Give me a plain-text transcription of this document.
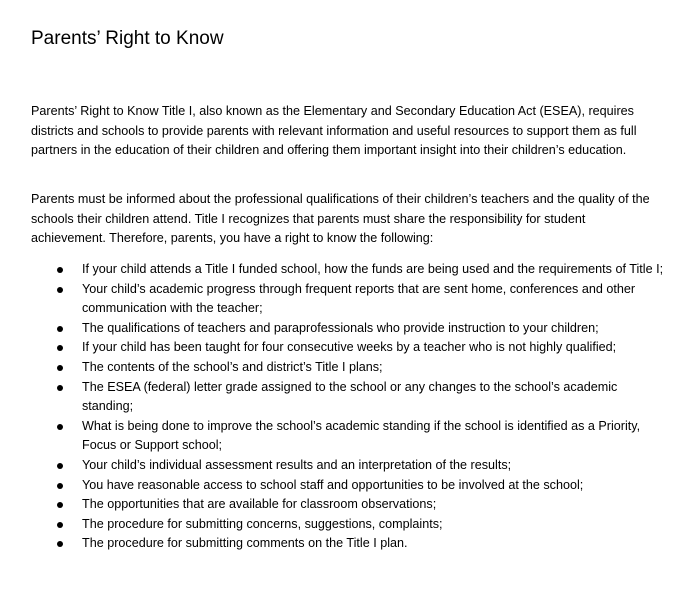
Parents’ Right to Know

Parents’ Right to Know Title I, also known as the Elementary and Secondary Education Act (ESEA), requires districts and schools to provide parents with relevant information and useful resources to support them as full partners in the education of their children and offering them important insight into their children’s education.

Parents must be informed about the professional qualifications of their children’s teachers and the quality of the schools their children attend. Title I recognizes that parents must share the responsibility for student achievement. Therefore, parents, you have a right to know the following:

If your child attends a Title I funded school, how the funds are being used and the requirements of Title I;
Your child’s academic progress through frequent reports that are sent home, conferences and other communication with the teacher;
The qualifications of teachers and paraprofessionals who provide instruction to your children;
If your child has been taught for four consecutive weeks by a teacher who is not highly qualified;
The contents of the school’s and district’s Title I plans;
The ESEA (federal) letter grade assigned to the school or any changes to the school’s academic standing;
What is being done to improve the school’s academic standing if the school is identified as a Priority, Focus or Support school;
Your child’s individual assessment results and an interpretation of the results;
You have reasonable access to school staff and opportunities to be involved at the school;
The opportunities that are available for classroom observations;
The procedure for submitting concerns, suggestions, complaints;
The procedure for submitting comments on the Title I plan.
